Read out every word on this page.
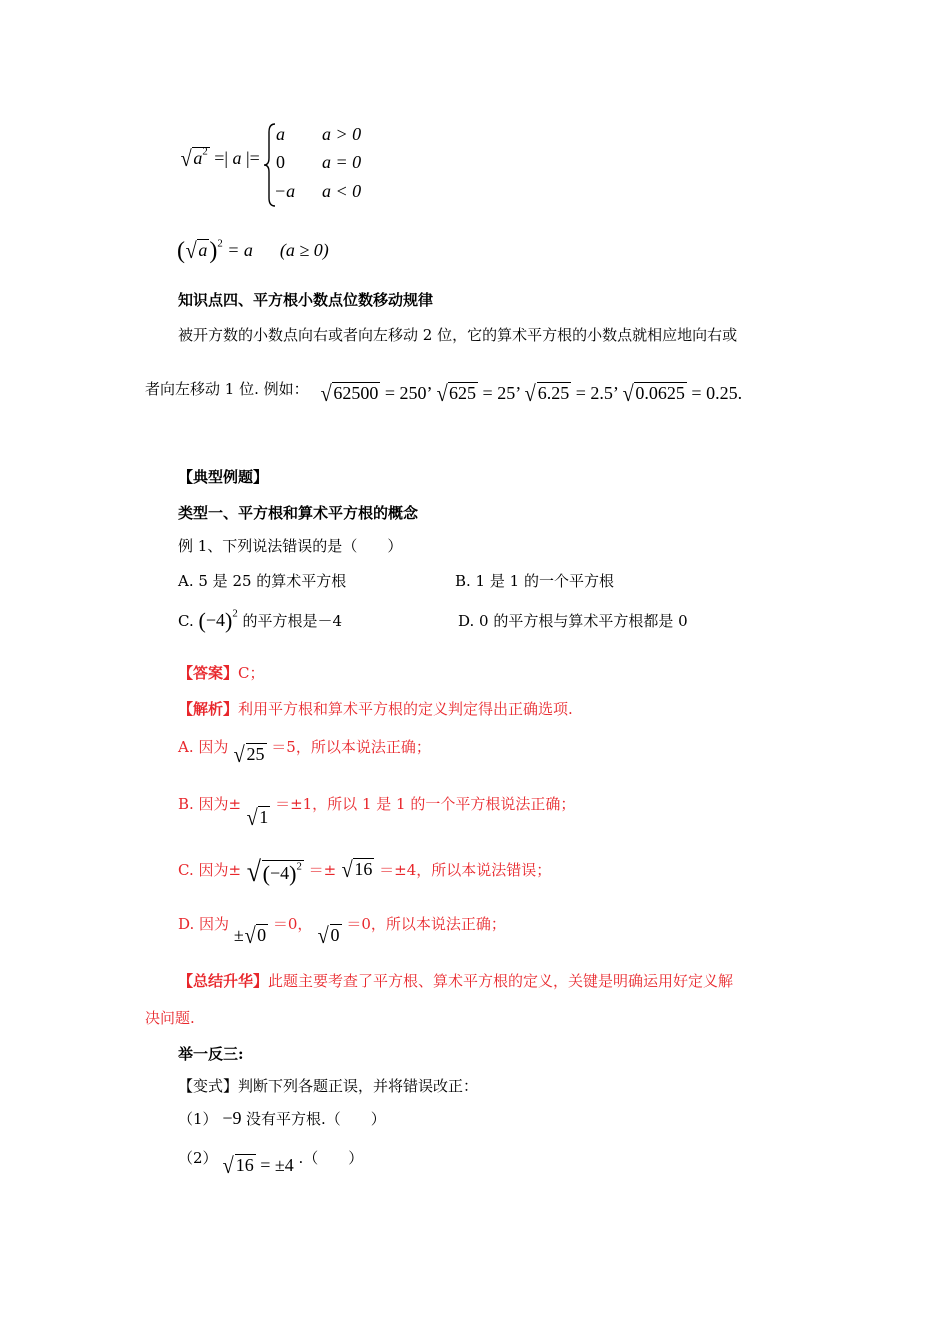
$√a^2$ =| a |=
a a > 0
0 a = 0
−a a < 0
$(√a)^2 = a$ (a ≥ 0)
知识点四、平方根小数点位数移动规律
被开方数的小数点向右或者向左移动 2 位，它的算术平方根的小数点就相应地向右或
者向左移动 1 位. 例如： √62500 = 250’ √625 = 25’ √6.25 = 2.5’ √0.0625 = 0.25.
【典型例题】
类型一、平方根和算术平方根的概念
例 1、下列说法错误的是（　　）
A. 5 是 25 的算术平方根	B. 1 是 1 的一个平方根
C. $(-4)^2$ 的平方根是－4	D. 0 的平方根与算术平方根都是 0
【答案】C；
【解析】利用平方根和算术平方根的定义判定得出正确选项.
A. 因为 √25 ＝5，所以本说法正确；
B. 因为± √1 ＝±1，所以 1 是 1 的一个平方根说法正确；
C. 因为± $√(-4)^2 =\pm √16 =\pm 4$，所以本说法错误；
D. 因为 ±√0 ＝0， √0 ＝0，所以本说法正确；
【总结升华】此题主要考查了平方根、算术平方根的定义，关键是明确运用好定义解
决问题.
举一反三:
【变式】判断下列各题正误，并将错误改正：
（1） −9 没有平方根.（　　）
（2） √16 = ±4 .（　　）
